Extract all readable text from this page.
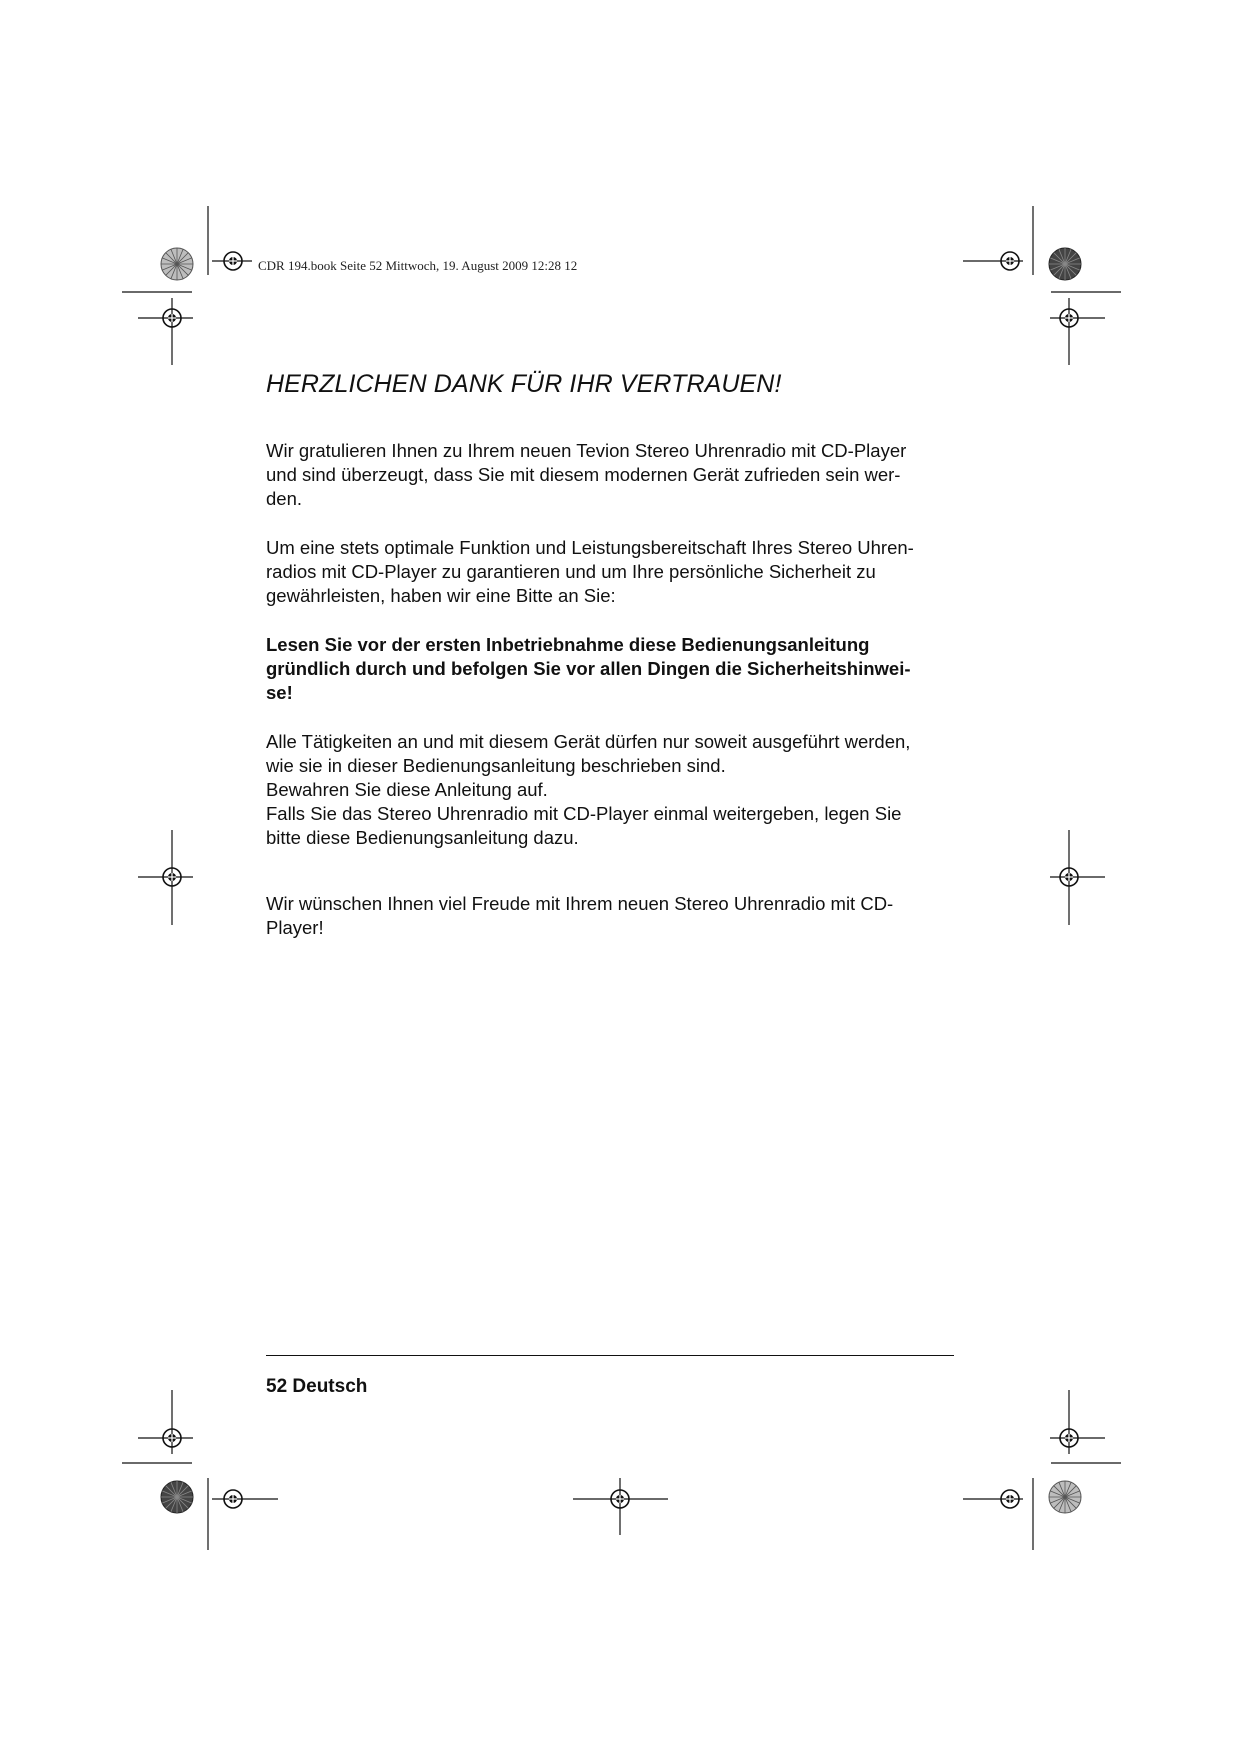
CDR 194.book Seite 52 Mittwoch, 19. August 2009 12:28 12
HERZLICHEN DANK FÜR IHR VERTRAUEN!

Wir gratulieren Ihnen zu Ihrem neuen Tevion Stereo Uhrenradio mit CD-Player
und sind überzeugt, dass Sie mit diesem modernen Gerät zufrieden sein wer-
den.

Um eine stets optimale Funktion und Leistungsbereitschaft Ihres Stereo Uhren-
radios mit CD-Player zu garantieren und um Ihre persönliche Sicherheit zu
gewährleisten, haben wir eine Bitte an Sie:

Lesen Sie vor der ersten Inbetriebnahme diese Bedienungsanleitung
gründlich durch und befolgen Sie vor allen Dingen die Sicherheitshinwei-
se!

Alle Tätigkeiten an und mit diesem Gerät dürfen nur soweit ausgeführt werden,
wie sie in dieser Bedienungsanleitung beschrieben sind.
Bewahren Sie diese Anleitung auf.
Falls Sie das Stereo Uhrenradio mit CD-Player einmal weitergeben, legen Sie
bitte diese Bedienungsanleitung dazu.

Wir wünschen Ihnen viel Freude mit Ihrem neuen Stereo Uhrenradio mit CD-
Player!

52 Deutsch
